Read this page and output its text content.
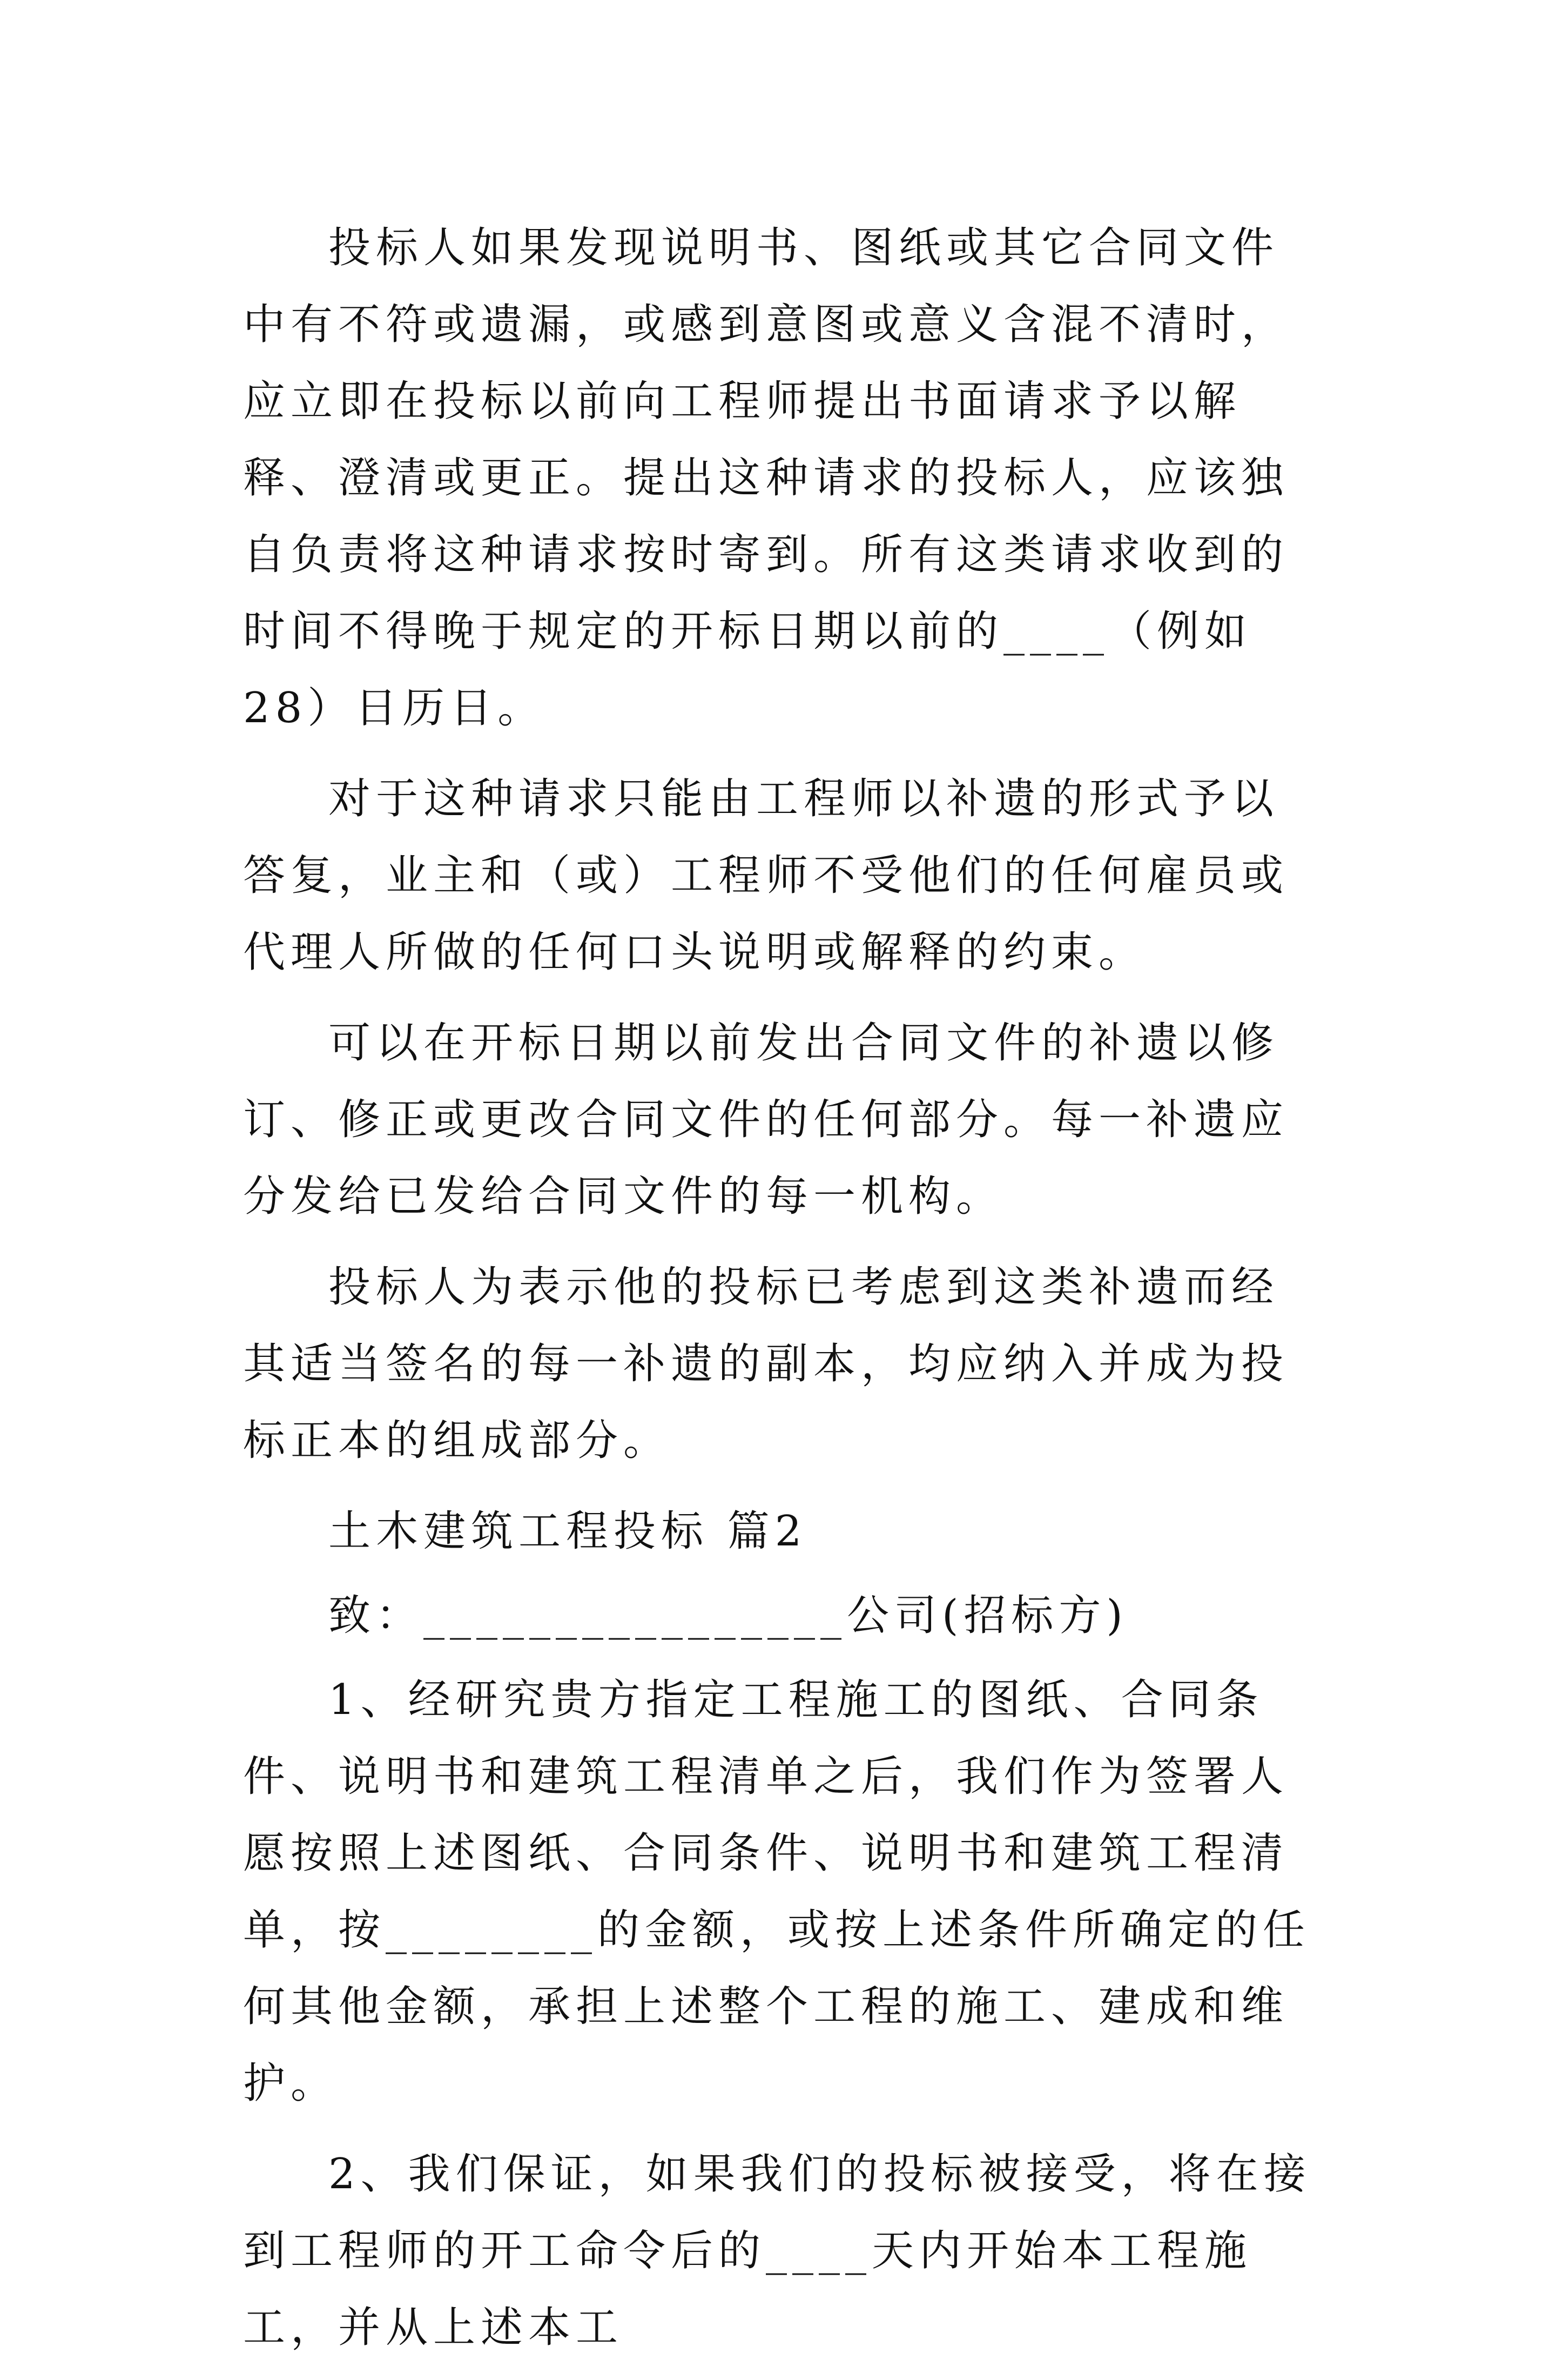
投标人如果发现说明书、图纸或其它合同文件中有不符或遗漏，或感到意图或意义含混不清时，应立即在投标以前向工程师提出书面请求予以解释、澄清或更正。提出这种请求的投标人，应该独自负责将这种请求按时寄到。所有这类请求收到的时间不得晚于规定的开标日期以前的____（例如28）日历日。

对于这种请求只能由工程师以补遗的形式予以答复，业主和（或）工程师不受他们的任何雇员或代理人所做的任何口头说明或解释的约束。

可以在开标日期以前发出合同文件的补遗以修订、修正或更改合同文件的任何部分。每一补遗应分发给已发给合同文件的每一机构。

投标人为表示他的投标已考虑到这类补遗而经其适当签名的每一补遗的副本，均应纳入并成为投标正本的组成部分。

土木建筑工程投标 篇2

致：________________公司(招标方)

1、经研究贵方指定工程施工的图纸、合同条件、说明书和建筑工程清单之后，我们作为签署人愿按照上述图纸、合同条件、说明书和建筑工程清单，按________的金额，或按上述条件所确定的任何其他金额，承担上述整个工程的施工、建成和维护。

2、我们保证，如果我们的投标被接受，将在接到工程师的开工命令后的____天内开始本工程施工，并从上述本工
